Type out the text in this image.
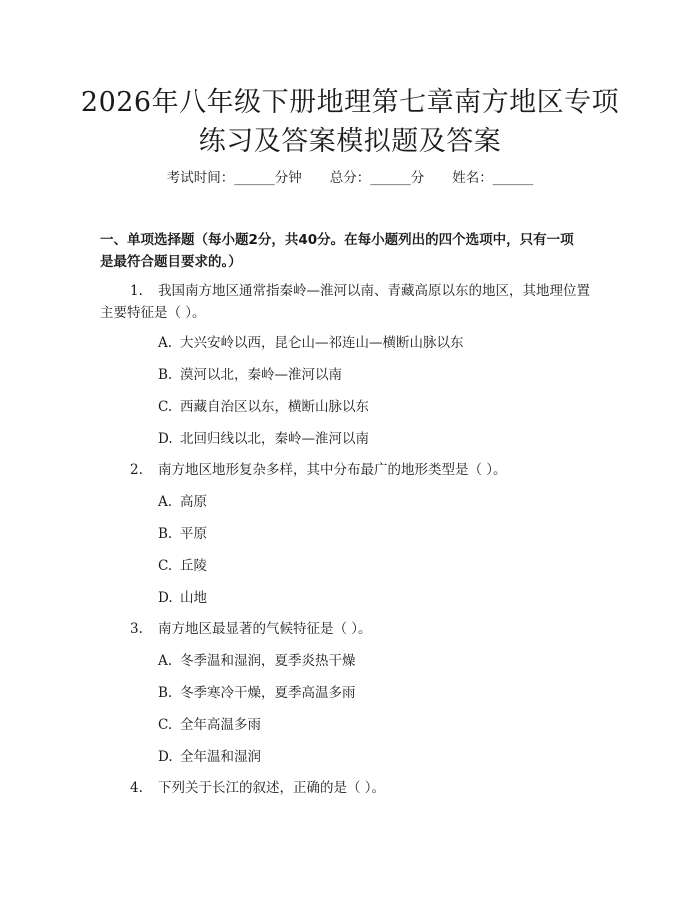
2026年八年级下册地理第七章南方地区专项
练习及答案模拟题及答案
考试时间：______分钟 总分：______分 姓名：______
一、单项选择题（每小题2分，共40分。在每小题列出的四个选项中，只有一项
是最符合题目要求的。）
1. 我国南方地区通常指秦岭—淮河以南、青藏高原以东的地区，其地理位置
主要特征是（ ）。
A. 大兴安岭以西，昆仑山—祁连山—横断山脉以东
B. 漠河以北，秦岭—淮河以南
C. 西藏自治区以东，横断山脉以东
D. 北回归线以北，秦岭—淮河以南
2. 南方地区地形复杂多样，其中分布最广的地形类型是（ ）。
A. 高原
B. 平原
C. 丘陵
D. 山地
3. 南方地区最显著的气候特征是（ ）。
A. 冬季温和湿润，夏季炎热干燥
B. 冬季寒冷干燥，夏季高温多雨
C. 全年高温多雨
D. 全年温和湿润
4. 下列关于长江的叙述，正确的是（ ）。
